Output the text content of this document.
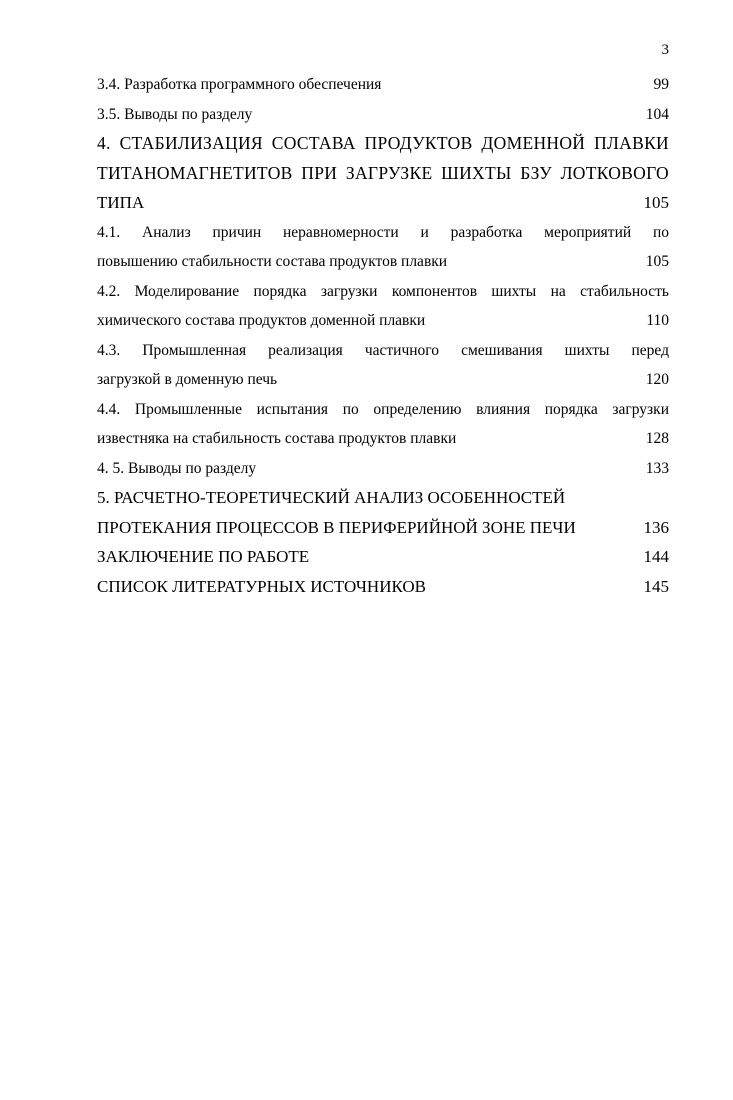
3
3.4. Разработка программного обеспечения	99
3.5. Выводы по разделу	104
4. СТАБИЛИЗАЦИЯ СОСТАВА ПРОДУКТОВ ДОМЕННОЙ ПЛАВКИ
ТИТАНОМАГНЕТИТОВ ПРИ ЗАГРУЗКЕ ШИХТЫ БЗУ ЛОТКОВОГО
ТИПА	105
4.1. Анализ причин неравномерности и разработка мероприятий по
повышению стабильности состава продуктов плавки	105
4.2. Моделирование порядка загрузки компонентов шихты на стабильность
химического состава продуктов доменной плавки	110
4.3. Промышленная реализация частичного смешивания шихты перед
загрузкой в доменную печь	120
4.4. Промышленные испытания по определению влияния порядка загрузки
известняка на стабильность состава продуктов плавки	128
4. 5. Выводы по разделу	133
5. РАСЧЕТНО-ТЕОРЕТИЧЕСКИЙ АНАЛИЗ ОСОБЕННОСТЕЙ
ПРОТЕКАНИЯ ПРОЦЕССОВ В ПЕРИФЕРИЙНОЙ ЗОНЕ ПЕЧИ	136
ЗАКЛЮЧЕНИЕ ПО РАБОТЕ	144
СПИСОК ЛИТЕРАТУРНЫХ ИСТОЧНИКОВ	145
